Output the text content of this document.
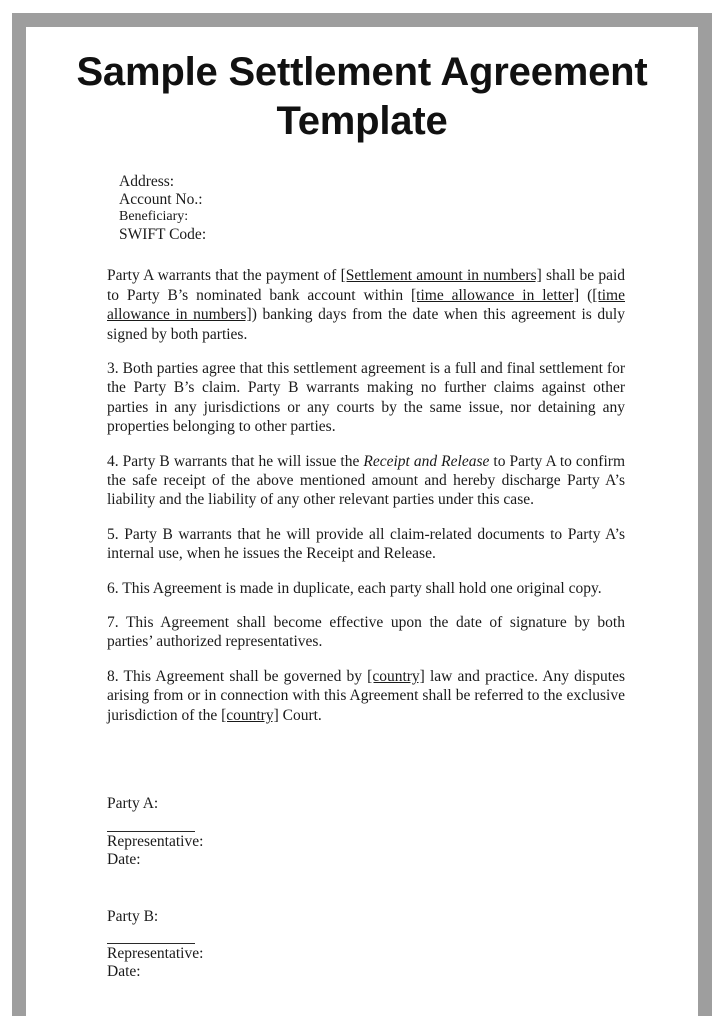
Sample Settlement Agreement Template
Address:
Account No.:
Beneficiary:
SWIFT Code:

Party A warrants that the payment of [Settlement amount in numbers] shall be paid to Party B’s nominated bank account within [time allowance in letter] ([time allowance in numbers]) banking days from the date when this agreement is duly signed by both parties.

3. Both parties agree that this settlement agreement is a full and final settlement for the Party B’s claim. Party B warrants making no further claims against other parties in any jurisdictions or any courts by the same issue, nor detaining any properties belonging to other parties.

4. Party B warrants that he will issue the Receipt and Release to Party A to confirm the safe receipt of the above mentioned amount and hereby discharge Party A’s liability and the liability of any other relevant parties under this case.

5. Party B warrants that he will provide all claim-related documents to Party A’s internal use, when he issues the Receipt and Release.

6. This Agreement is made in duplicate, each party shall hold one original copy.

7. This Agreement shall become effective upon the date of signature by both parties’ authorized representatives.

8. This Agreement shall be governed by [country] law and practice. Any disputes arising from or in connection with this Agreement shall be referred to the exclusive jurisdiction of the [country] Court.

Party A:
Representative:
Date:
Party B:
Representative:
Date:
